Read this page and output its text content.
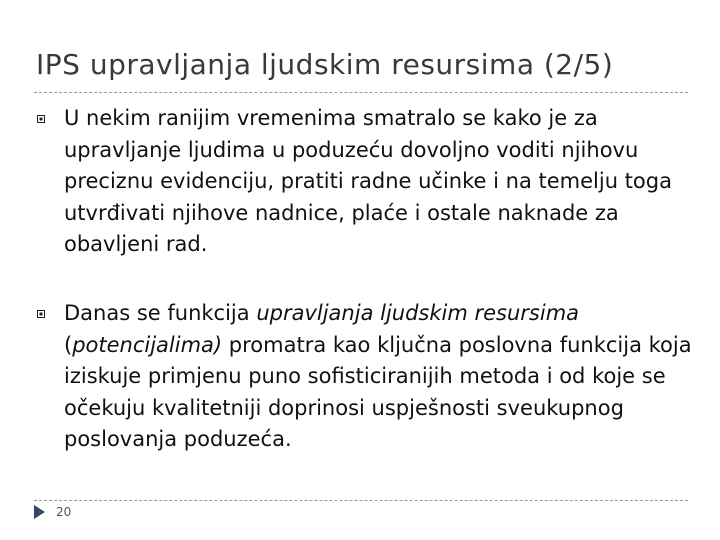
IPS upravljanja ljudskim resursima (2/5)
U nekim ranijim vremenima smatralo se kako je za upravljanje ljudima u poduzeću dovoljno voditi njihovu preciznu evidenciju, pratiti radne učinke i na temelju toga utvrđivati njihove nadnice, plaće i ostale naknade za obavljeni rad.
Danas se funkcija upravljanja ljudskim resursima (potencijalima) promatra kao ključna poslovna funkcija koja iziskuje primjenu puno sofisticiranijih metoda i od koje se očekuju kvalitetniji doprinosi uspješnosti sveukupnog poslovanja poduzeća.
20
